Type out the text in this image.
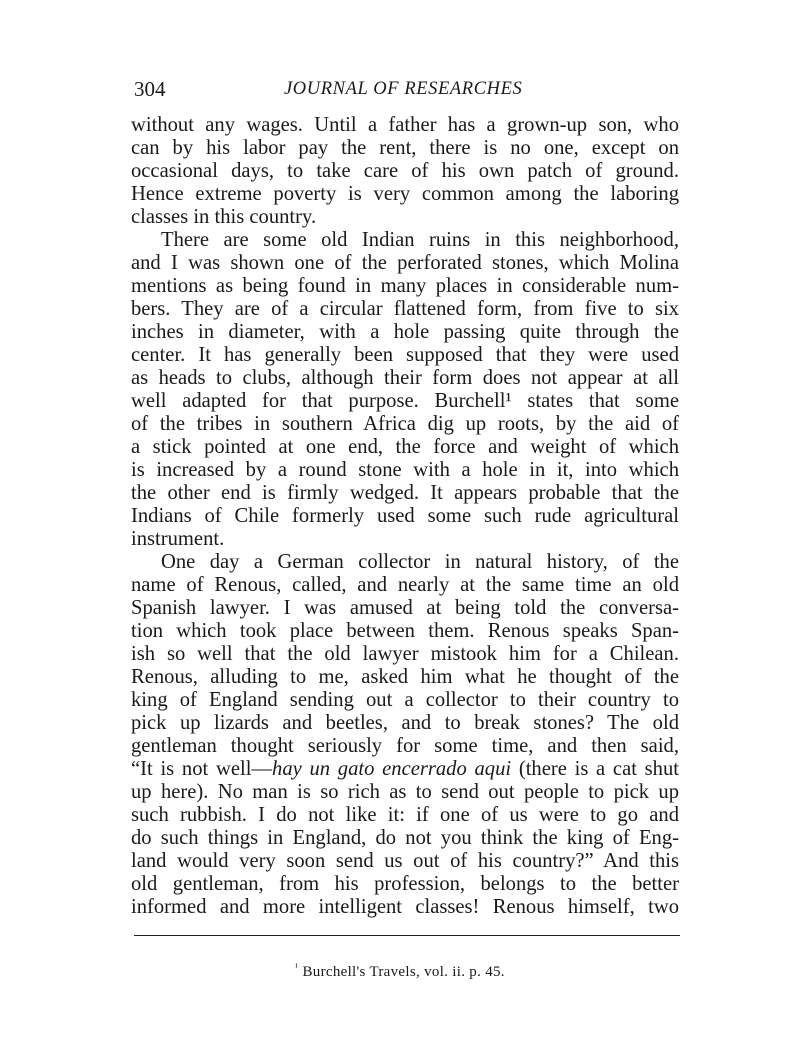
304	JOURNAL OF RESEARCHES
without any wages. Until a father has a grown-up son, who
can by his labor pay the rent, there is no one, except on
occasional days, to take care of his own patch of ground.
Hence extreme poverty is very common among the laboring
classes in this country.
There are some old Indian ruins in this neighborhood,
and I was shown one of the perforated stones, which Molina
mentions as being found in many places in considerable num-
bers. They are of a circular flattened form, from five to six
inches in diameter, with a hole passing quite through the
center. It has generally been supposed that they were used
as heads to clubs, although their form does not appear at all
well adapted for that purpose. Burchell¹ states that some
of the tribes in southern Africa dig up roots, by the aid of
a stick pointed at one end, the force and weight of which
is increased by a round stone with a hole in it, into which
the other end is firmly wedged. It appears probable that the
Indians of Chile formerly used some such rude agricultural
instrument.
One day a German collector in natural history, of the
name of Renous, called, and nearly at the same time an old
Spanish lawyer. I was amused at being told the conversa-
tion which took place between them. Renous speaks Span-
ish so well that the old lawyer mistook him for a Chilean.
Renous, alluding to me, asked him what he thought of the
king of England sending out a collector to their country to
pick up lizards and beetles, and to break stones? The old
gentleman thought seriously for some time, and then said,
“It is not well—hay un gato encerrado aqui (there is a cat shut
up here). No man is so rich as to send out people to pick up
such rubbish. I do not like it: if one of us were to go and
do such things in England, do not you think the king of Eng-
land would very soon send us out of his country?” And this
old gentleman, from his profession, belongs to the better
informed and more intelligent classes! Renous himself, two
$^{^1}$ Burchell's Travels, vol. ii. p. 45.
